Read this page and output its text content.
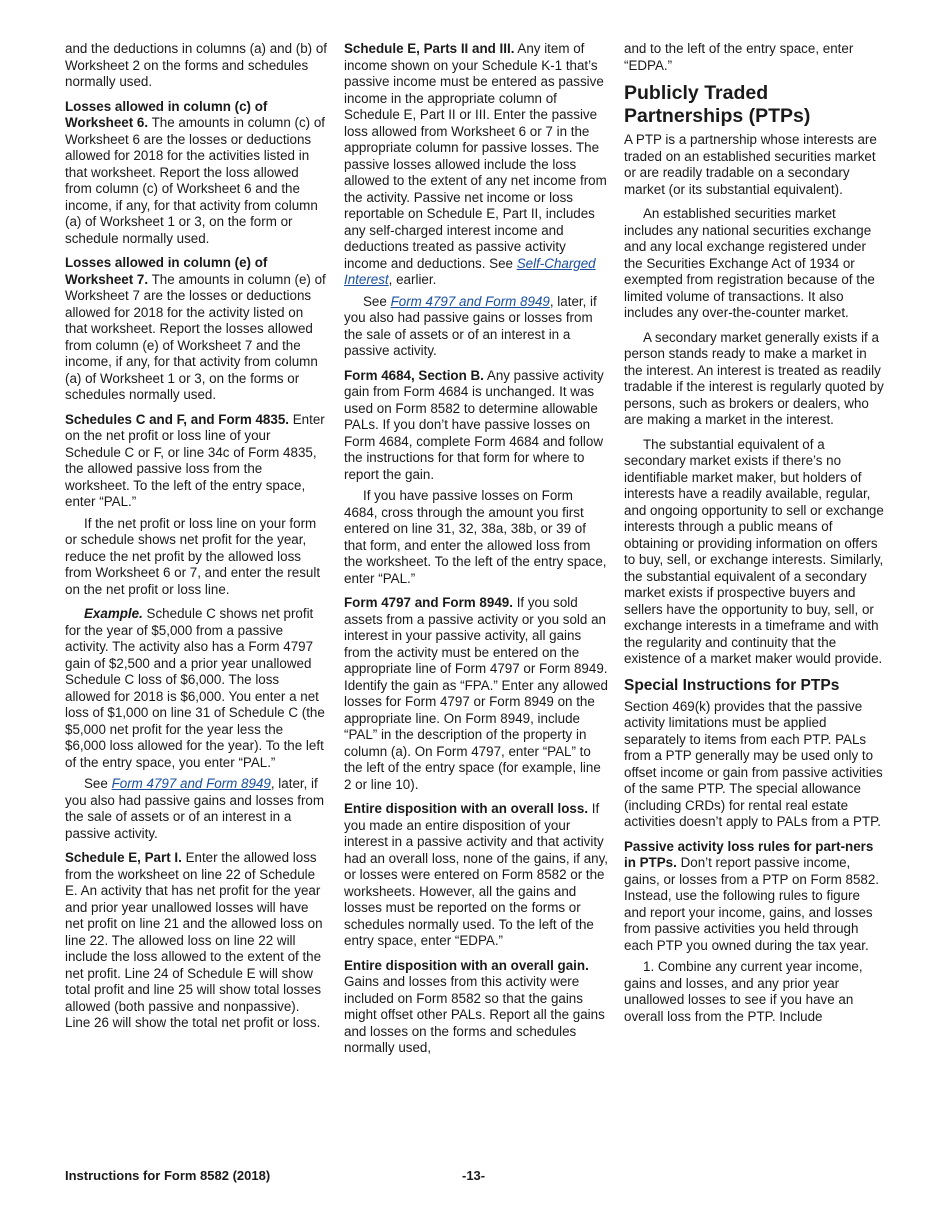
and the deductions in columns (a) and (b) of Worksheet 2 on the forms and schedules normally used.

Losses allowed in column (c) of Worksheet 6. The amounts in column (c) of Worksheet 6 are the losses or deductions allowed for 2018 for the activities listed in that worksheet. Report the loss allowed from column (c) of Worksheet 6 and the income, if any, for that activity from column (a) of Worksheet 1 or 3, on the form or schedule normally used.

Losses allowed in column (e) of Worksheet 7. The amounts in column (e) of Worksheet 7 are the losses or deductions allowed for 2018 for the activity listed on that worksheet. Report the losses allowed from column (e) of Worksheet 7 and the income, if any, for that activity from column (a) of Worksheet 1 or 3, on the forms or schedules normally used.

Schedules C and F, and Form 4835. Enter on the net profit or loss line of your Schedule C or F, or line 34c of Form 4835, the allowed passive loss from the worksheet. To the left of the entry space, enter “PAL.”

If the net profit or loss line on your form or schedule shows net profit for the year, reduce the net profit by the allowed loss from Worksheet 6 or 7, and enter the result on the net profit or loss line.

Example. Schedule C shows net profit for the year of $5,000 from a passive activity. The activity also has a Form 4797 gain of $2,500 and a prior year unallowed Schedule C loss of $6,000. The loss allowed for 2018 is $6,000. You enter a net loss of $1,000 on line 31 of Schedule C (the $5,000 net profit for the year less the $6,000 loss allowed for the year). To the left of the entry space, you enter “PAL.”

See Form 4797 and Form 8949, later, if you also had passive gains and losses from the sale of assets or of an interest in a passive activity.

Schedule E, Part I. Enter the allowed loss from the worksheet on line 22 of Schedule E. An activity that has net profit for the year and prior year unallowed losses will have net profit on line 21 and the allowed loss on line 22. The allowed loss on line 22 will include the loss allowed to the extent of the net profit. Line 24 of Schedule E will show total profit and line 25 will show total losses allowed (both passive and nonpassive). Line 26 will show the total net profit or loss.

Schedule E, Parts II and III. Any item of income shown on your Schedule K-1 that’s passive income must be entered as passive income in the appropriate column of Schedule E, Part II or III. Enter the passive loss allowed from Worksheet 6 or 7 in the appropriate column for passive losses. The passive losses allowed include the loss allowed to the extent of any net income from the activity. Passive net income or loss reportable on Schedule E, Part II, includes any self-charged interest income and deductions treated as passive activity income and deductions. See Self-Charged Interest, earlier.

See Form 4797 and Form 8949, later, if you also had passive gains or losses from the sale of assets or of an interest in a passive activity.

Form 4684, Section B. Any passive activity gain from Form 4684 is unchanged. It was used on Form 8582 to determine allowable PALs. If you don’t have passive losses on Form 4684, complete Form 4684 and follow the instructions for that form for where to report the gain.

If you have passive losses on Form 4684, cross through the amount you first entered on line 31, 32, 38a, 38b, or 39 of that form, and enter the allowed loss from the worksheet. To the left of the entry space, enter “PAL.”

Form 4797 and Form 8949. If you sold assets from a passive activity or you sold an interest in your passive activity, all gains from the activity must be entered on the appropriate line of Form 4797 or Form 8949. Identify the gain as “FPA.” Enter any allowed losses for Form 4797 or Form 8949 on the appropriate line. On Form 8949, include “PAL” in the description of the property in column (a). On Form 4797, enter “PAL” to the left of the entry space (for example, line 2 or line 10).

Entire disposition with an overall loss. If you made an entire disposition of your interest in a passive activity and that activity had an overall loss, none of the gains, if any, or losses were entered on Form 8582 or the worksheets. However, all the gains and losses must be reported on the forms or schedules normally used. To the left of the entry space, enter “EDPA.”

Entire disposition with an overall gain. Gains and losses from this activity were included on Form 8582 so that the gains might offset other PALs. Report all the gains and losses on the forms and schedules normally used,

and to the left of the entry space, enter “EDPA.”

Publicly Traded Partnerships (PTPs)

A PTP is a partnership whose interests are traded on an established securities market or are readily tradable on a secondary market (or its substantial equivalent).

An established securities market includes any national securities exchange and any local exchange registered under the Securities Exchange Act of 1934 or exempted from registration because of the limited volume of transactions. It also includes any over-the-counter market.

A secondary market generally exists if a person stands ready to make a market in the interest. An interest is treated as readily tradable if the interest is regularly quoted by persons, such as brokers or dealers, who are making a market in the interest.

The substantial equivalent of a secondary market exists if there’s no identifiable market maker, but holders of interests have a readily available, regular, and ongoing opportunity to sell or exchange interests through a public means of obtaining or providing information on offers to buy, sell, or exchange interests. Similarly, the substantial equivalent of a secondary market exists if prospective buyers and sellers have the opportunity to buy, sell, or exchange interests in a timeframe and with the regularity and continuity that the existence of a market maker would provide.

Special Instructions for PTPs

Section 469(k) provides that the passive activity limitations must be applied separately to items from each PTP. PALs from a PTP generally may be used only to offset income or gain from passive activities of the same PTP. The special allowance (including CRDs) for rental real estate activities doesn’t apply to PALs from a PTP.

Passive activity loss rules for part-ners in PTPs. Don’t report passive income, gains, or losses from a PTP on Form 8582. Instead, use the following rules to figure and report your income, gains, and losses from passive activities you held through each PTP you owned during the tax year.

1. Combine any current year income, gains and losses, and any prior year unallowed losses to see if you have an overall loss from the PTP. Include

Instructions for Form 8582 (2018)	-13-
